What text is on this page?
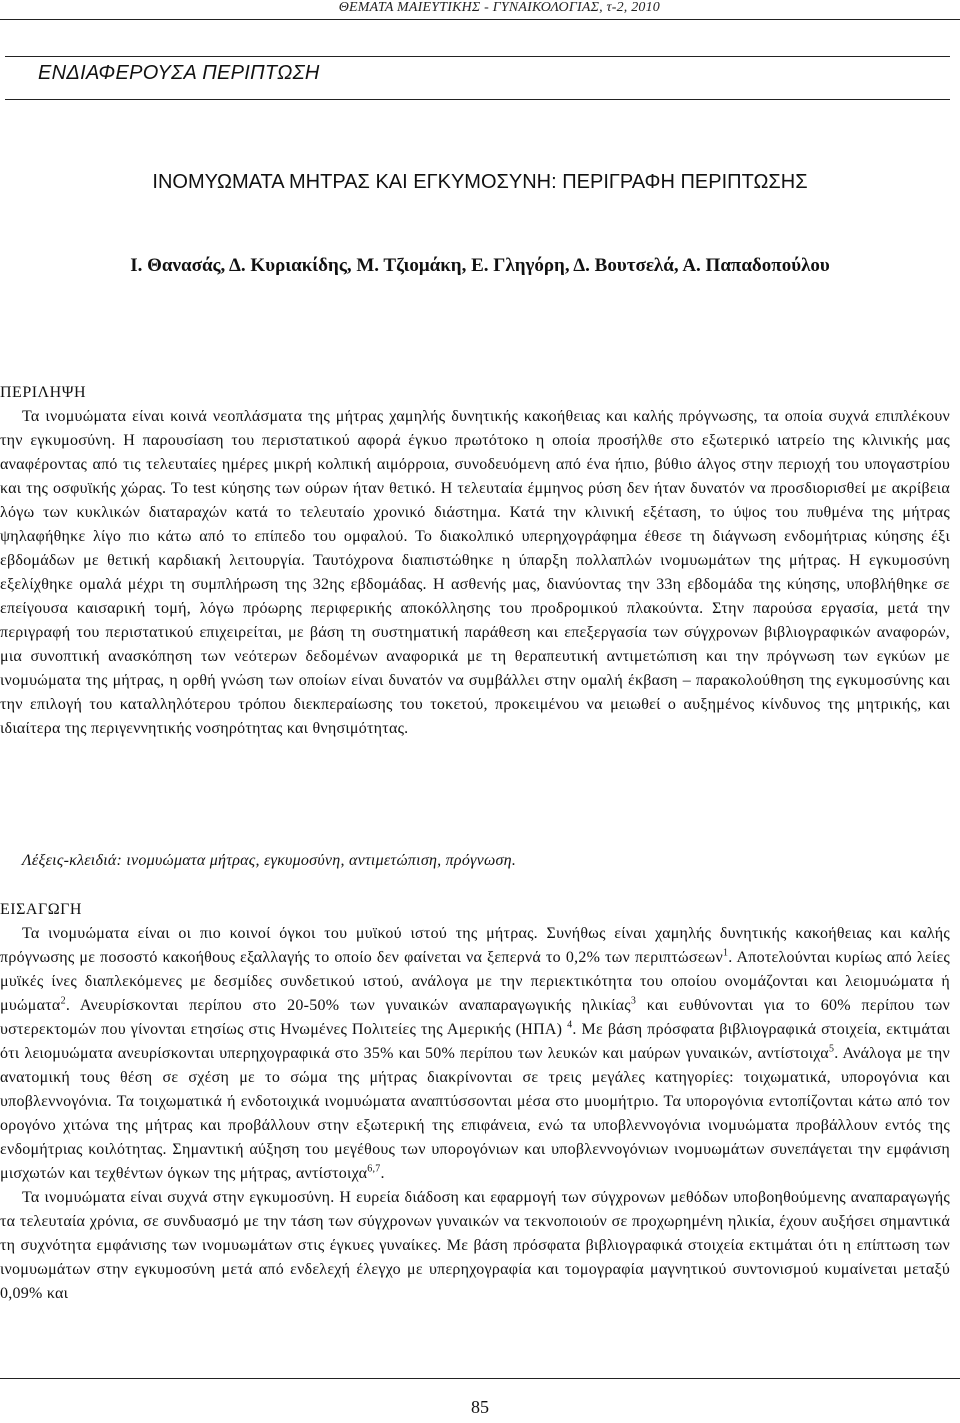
ΘΕΜΑΤΑ ΜΑΙΕΥΤΙΚΗΣ - ΓΥΝΑΙΚΟΛΟΓΙΑΣ, τ-2, 2010
ΕΝΔΙΑΦΕΡΟΥΣΑ ΠΕΡΙΠΤΩΣΗ
ΙΝΟΜΥΩΜΑΤΑ ΜΗΤΡΑΣ ΚΑΙ ΕΓΚΥΜΟΣΥΝΗ: ΠΕΡΙΓΡΑΦΗ ΠΕΡΙΠΤΩΣΗΣ
Ι. Θανασάς, Δ. Κυριακίδης, Μ. Τζιομάκη, Ε. Γληγόρη, Δ. Βουτσελά, Α. Παπαδοπούλου

ΠΕΡΙΛΗΨΗ

Τα ινομυώματα είναι κοινά νεοπλάσματα της μήτρας χαμηλής δυνητικής κακοήθειας και καλής πρόγνωσης, τα οποία συχνά επιπλέκουν την εγκυμοσύνη. Η παρουσίαση του περιστατικού αφορά έγκυο πρωτότοκο η οποία προσήλθε στο εξωτερικό ιατρείο της κλινικής μας αναφέροντας από τις τελευταίες ημέρες μικρή κολπική αιμόρροια, συνοδευόμενη από ένα ήπιο, βύθιο άλγος στην περιοχή του υπογαστρίου και της οσφυϊκής χώρας. Το test κύησης των ούρων ήταν θετικό. Η τελευταία έμμηνος ρύση δεν ήταν δυνατόν να προσδιορισθεί με ακρίβεια λόγω των κυκλικών διαταραχών κατά το τελευταίο χρονικό διάστημα. Κατά την κλινική εξέταση, το ύψος του πυθμένα της μήτρας ψηλαφήθηκε λίγο πιο κάτω από το επίπεδο του ομφαλού. Το διακολπικό υπερηχογράφημα έθεσε τη διάγνωση ενδομήτριας κύησης έξι εβδομάδων με θετική καρδιακή λειτουργία. Ταυτόχρονα διαπιστώθηκε η ύπαρξη πολλαπλών ινομυωμάτων της μήτρας. Η εγκυμοσύνη εξελίχθηκε ομαλά μέχρι τη συμπλήρωση της 32ης εβδομάδας. Η ασθενής μας, διανύοντας την 33η εβδομάδα της κύησης, υποβλήθηκε σε επείγουσα καισαρική τομή, λόγω πρόωρης περιφερικής αποκόλλησης του προδρομικού πλακούντα. Στην παρούσα εργασία, μετά την περιγραφή του περιστατικού επιχειρείται, με βάση τη συστηματική παράθεση και επεξεργασία των σύγχρονων βιβλιογραφικών αναφορών, μια συνοπτική ανασκόπηση των νεότερων δεδομένων αναφορικά με τη θεραπευτική αντιμετώπιση και την πρόγνωση των εγκύων με ινομυώματα της μήτρας, η ορθή γνώση των οποίων είναι δυνατόν να συμβάλλει στην ομαλή έκβαση – παρακολούθηση της εγκυμοσύνης και την επιλογή του καταλληλότερου τρόπου διεκπεραίωσης του τοκετού, προκειμένου να μειωθεί ο αυξημένος κίνδυνος της μητρικής, και ιδιαίτερα της περιγεννητικής νοσηρότητας και θνησιμότητας.

Λέξεις-κλειδιά: ινομυώματα μήτρας, εγκυμοσύνη, αντιμετώπιση, πρόγνωση.

ΕΙΣΑΓΩΓΗ

Τα ινομυώματα είναι οι πιο κοινοί όγκοι του μυϊκού ιστού της μήτρας. Συνήθως είναι χαμηλής δυνητικής κακοήθειας και καλής πρόγνωσης με ποσοστό κακοήθους εξαλλαγής το οποίο δεν φαίνεται να ξεπερνά το 0,2% των περιπτώσεων$^1$. Αποτελούνται κυρίως από λείες μυϊκές ίνες διαπλεκόμενες με δεσμίδες συνδετικού ιστού, ανάλογα με την περιεκτικότητα του οποίου ονομάζονται και λειομυώματα ή μυώματα$^2$. Ανευρίσκονται περίπου στο 20-50% των γυναικών αναπαραγωγικής ηλικίας$^3$ και ευθύνονται για το 60% περίπου των υστερεκτομών που γίνονται ετησίως στις Ηνωμένες Πολιτείες της Αμερικής (ΗΠΑ) $^4$. Με βάση πρόσφατα βιβλιογραφικά στοιχεία, εκτιμάται ότι λειομυώματα ανευρίσκονται υπερηχογραφικά στο 35% και 50% περίπου των λευκών και μαύρων γυναικών, αντίστοιχα$^5$. Ανάλογα με την ανατομική τους θέση σε σχέση με το σώμα της μήτρας διακρίνονται σε τρεις μεγάλες κατηγορίες: τοιχωματικά, υπορογόνια και υποβλεννογόνια. Τα τοιχωματικά ή ενδοτοιχικά ινομυώματα αναπτύσσονται μέσα στο μυομήτριο. Τα υπορογόνια εντοπίζονται κάτω από τον ορογόνο χιτώνα της μήτρας και προβάλλουν στην εξωτερική της επιφάνεια, ενώ τα υποβλεννογόνια ινομυώματα προβάλλουν εντός της ενδομήτριας κοιλότητας. Σημαντική αύξηση του μεγέθους των υπορογόνιων και υποβλεννογόνιων ινομυωμάτων συνεπάγεται την εμφάνιση μισχωτών και τεχθέντων όγκων της μήτρας, αντίστοιχα$^{6,7}$.

Τα ινομυώματα είναι συχνά στην εγκυμοσύνη. Η ευρεία διάδοση και εφαρμογή των σύγχρονων μεθόδων υποβοηθούμενης αναπαραγωγής τα τελευταία χρόνια, σε συνδυασμό με την τάση των σύγχρονων γυναικών να τεκνοποιούν σε προχωρημένη ηλικία, έχουν αυξήσει σημαντικά τη συχνότητα εμφάνισης των ινομυωμάτων στις έγκυες γυναίκες. Με βάση πρόσφατα βιβλιογραφικά στοιχεία εκτιμάται ότι η επίπτωση των ινομυωμάτων στην εγκυμοσύνη μετά από ενδελεχή έλεγχο με υπερηχογραφία και τομογραφία μαγνητικού συντονισμού κυμαίνεται μεταξύ 0,09% και

85
